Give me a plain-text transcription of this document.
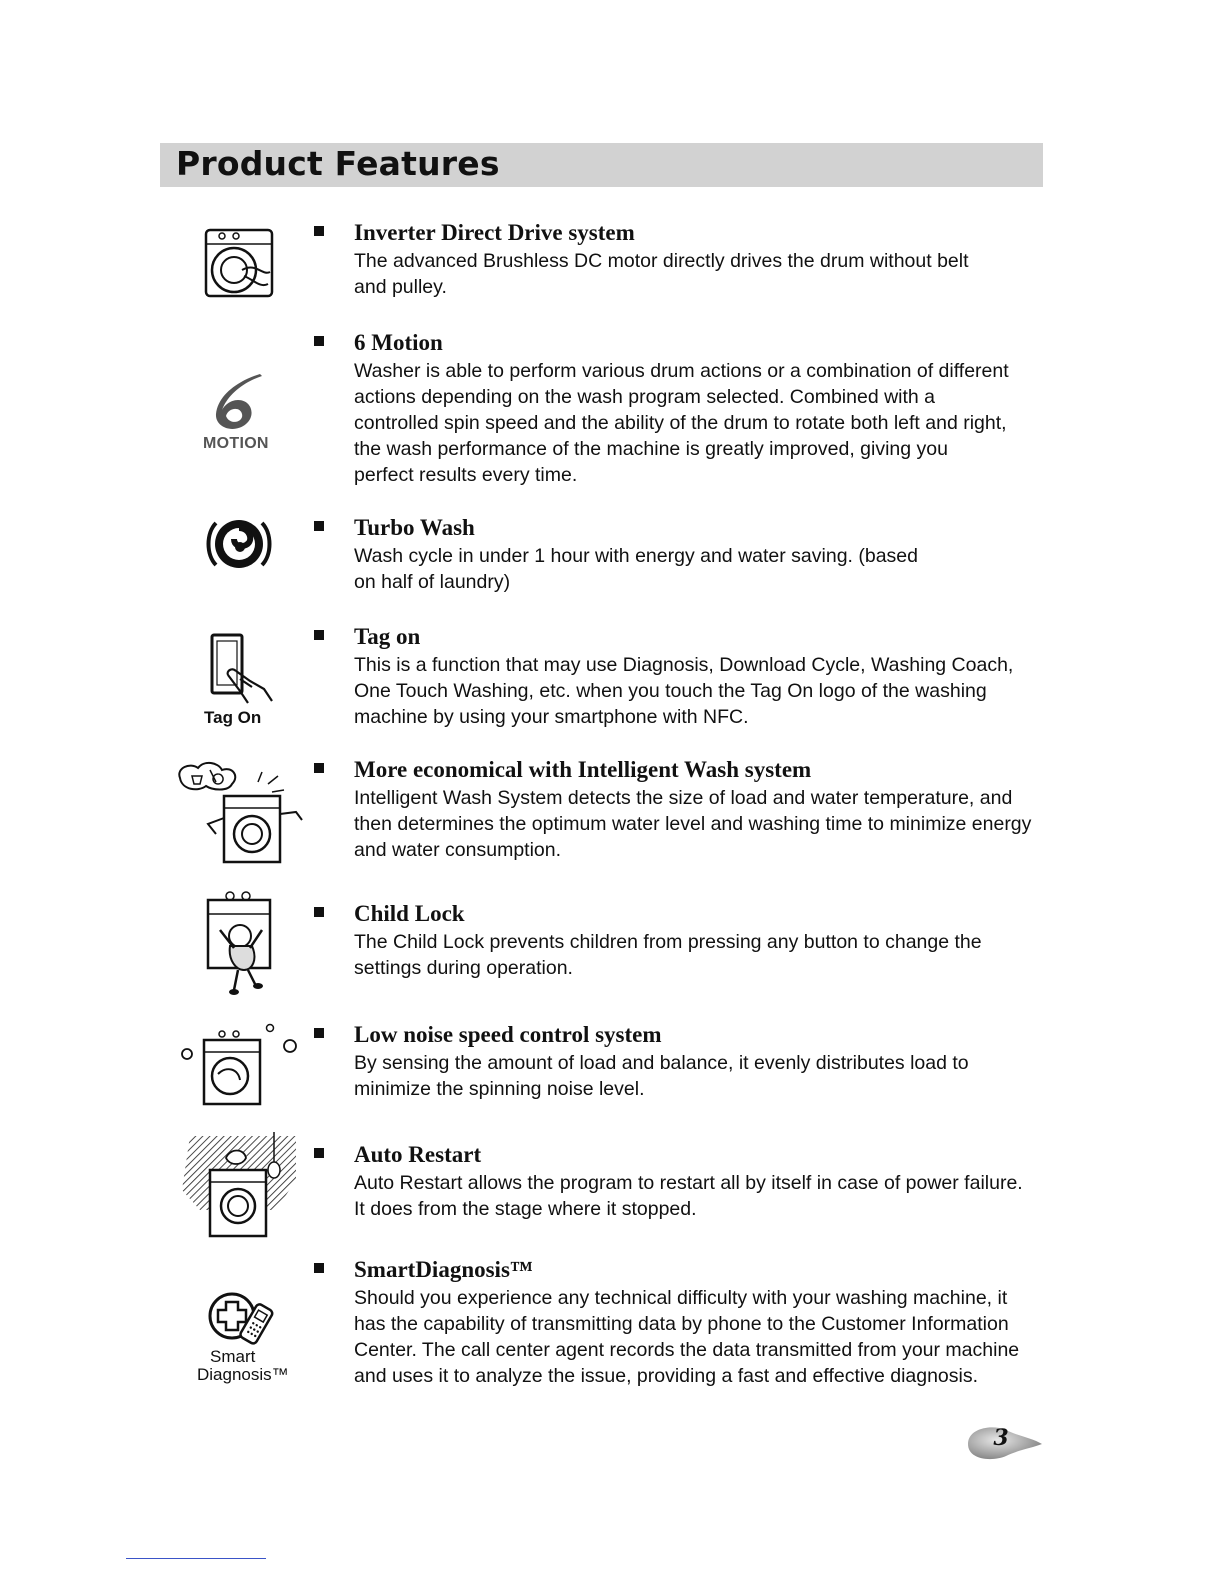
Product Features
MOTION
Tag On
Smart
Diagnosis™
Inverter Direct Drive system

The advanced Brushless DC motor directly drives the drum without belt and pulley.

6 Motion

Washer is able to perform various drum actions or a combination of different actions depending on the wash program selected. Combined with a controlled spin speed and the ability of the drum to rotate both left and right, the wash performance of the machine is greatly improved, giving you perfect results every time.

Turbo Wash

Wash cycle in under 1 hour with energy and water saving. (based on half of laundry)

Tag on

This is a function that may use Diagnosis, Download Cycle, Washing Coach, One Touch Washing, etc. when you touch the Tag On logo of the washing machine by using your smartphone with NFC.

More economical with Intelligent Wash system

Intelligent Wash System detects the size of load and water temperature, and then determines the optimum water level and washing time to minimize energy and water consumption.

Child Lock

The Child Lock prevents children from pressing any button to change the settings during operation.

Low noise speed control system

By sensing the amount of load and balance, it evenly distributes load to minimize the spinning noise level.

Auto Restart

Auto Restart allows the program to restart all by itself in case of power failure. It does from the stage where it stopped.

SmartDiagnosis™

Should you experience any technical difficulty with your washing machine, it has the capability of transmitting data by phone to the Customer Information Center. The call center agent records the data transmitted from your machine and uses it to analyze the issue, providing a fast and effective diagnosis.

3
